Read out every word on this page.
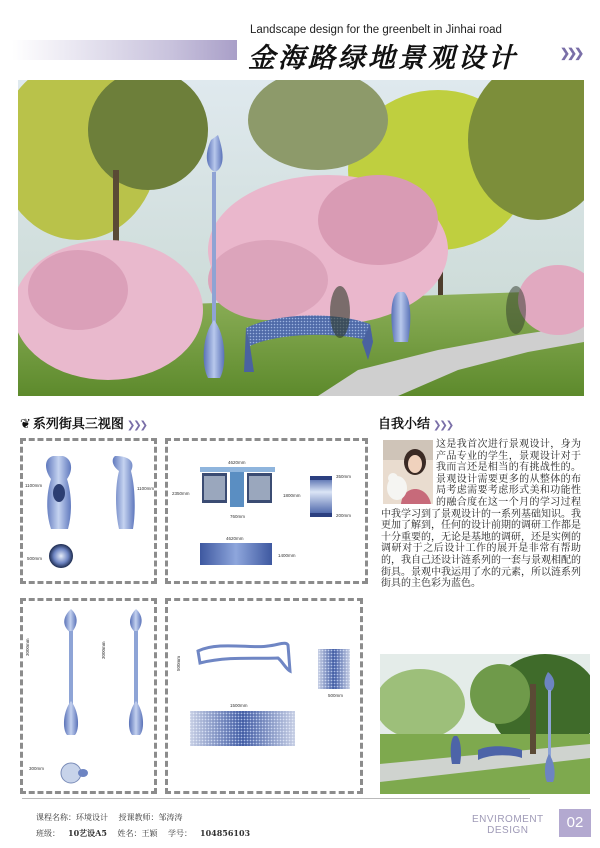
Landscape design for the greenbelt in Jinhai road
金海路绿地景观设计	❯❯❯
❦ 系列街具三视图 ❯❯❯	自我小结 ❯❯❯
1100mm
1100mm
500mm
4620mm
2350mm
760mm
350mm
1800mm
200mm
4620mm
1400mm
3000mm	3000mm
300mm
500mm
1500mm
500mm
这是我首次进行景观设计，身为产品专业的学生，景观设计对于我而言还是相当的有挑战性的。景观设计需要更多的从整体的布局考虑需要考虑形式美和功能性的融合度在这一个月的学习过程中我学习到了景观设计的一系列基础知识。我更加了解到，任何的设计前期的调研工作都是十分重要的，无论是基地的调研，还是实例的调研对于之后设计工作的展开是非常有帮助的，我自己还设计涟系列的一套与景观相配的街具。景观中我运用了水的元素，所以涟系列街具的主色彩为蓝色。
课程名称：环境设计 授课教师：邹涛涛
班级： 10艺设A5 姓名：王颖 学号： 104856103
ENVIROMENT
DESIGN	02
